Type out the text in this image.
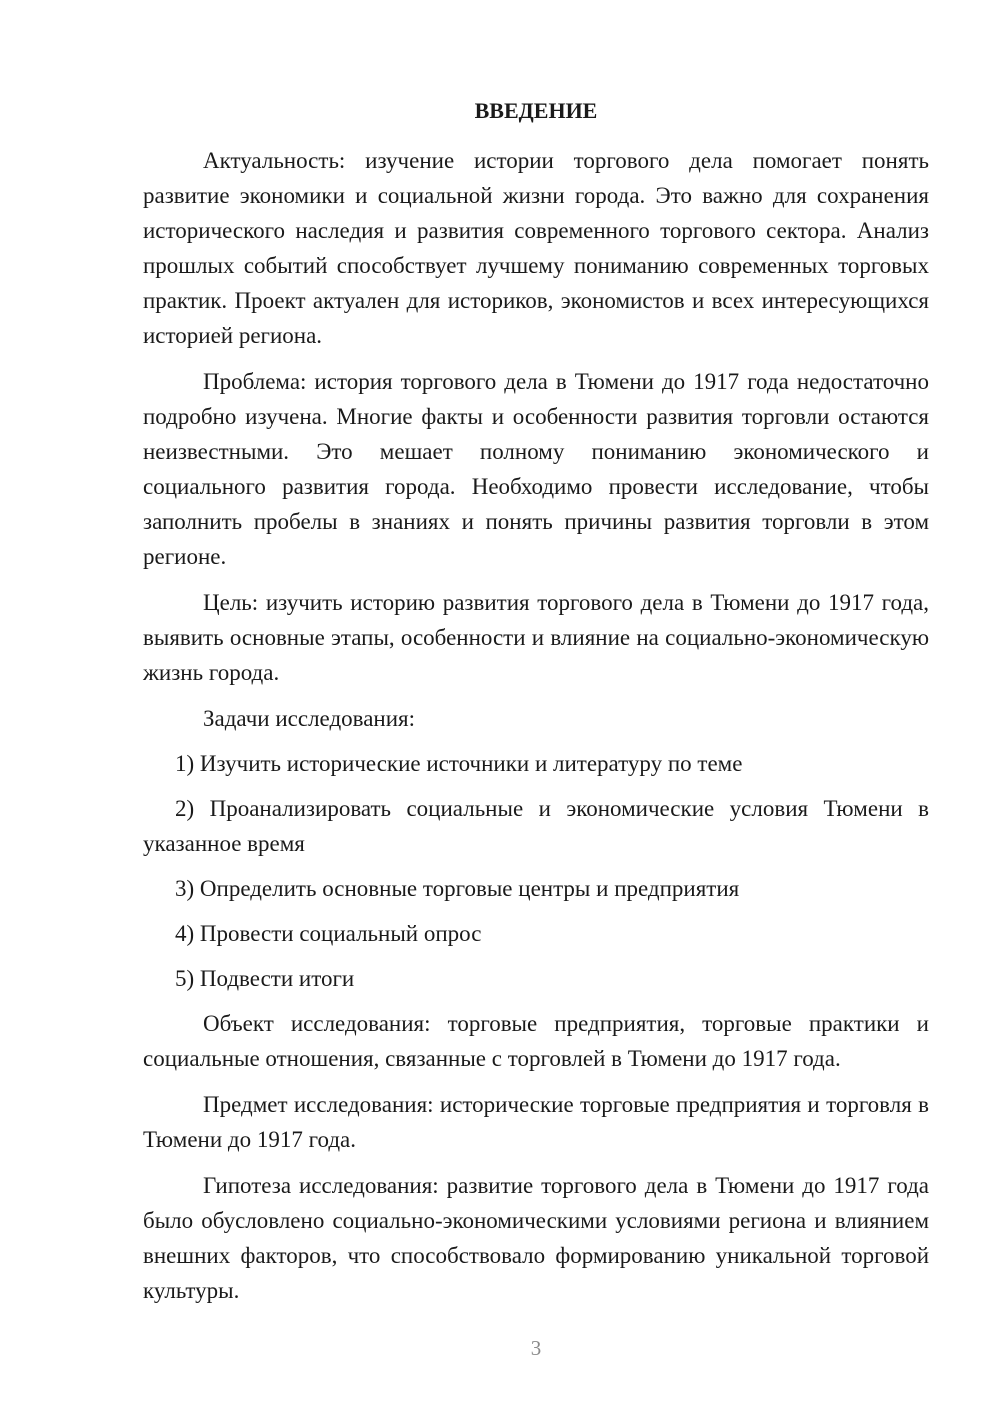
ВВЕДЕНИЕ

Актуальность: изучение истории торгового дела помогает понять развитие экономики и социальной жизни города. Это важно для сохранения исторического наследия и развития современного торгового сектора. Анализ прошлых событий способствует лучшему пониманию современных торговых практик. Проект актуален для историков, экономистов и всех интересующихся историей региона.

Проблема: история торгового дела в Тюмени до 1917 года недостаточно подробно изучена. Многие факты и особенности развития торговли остаются неизвестными. Это мешает полному пониманию экономического и социального развития города. Необходимо провести исследование, чтобы заполнить пробелы в знаниях и понять причины развития торговли в этом регионе.

Цель: изучить историю развития торгового дела в Тюмени до 1917 года, выявить основные этапы, особенности и влияние на социально-экономическую жизнь города.

Задачи исследования:

1) Изучить исторические источники и литературу по теме

2) Проанализировать социальные и экономические условия Тюмени в указанное время

3) Определить основные торговые центры и предприятия

4) Провести социальный опрос

5) Подвести итоги

Объект исследования: торговые предприятия, торговые практики и социальные отношения, связанные с торговлей в Тюмени до 1917 года.

Предмет исследования: исторические торговые предприятия и торговля в Тюмени до 1917 года.

Гипотеза исследования: развитие торгового дела в Тюмени до 1917 года было обусловлено социально-экономическими условиями региона и влиянием внешних факторов, что способствовало формированию уникальной торговой культуры.

3
